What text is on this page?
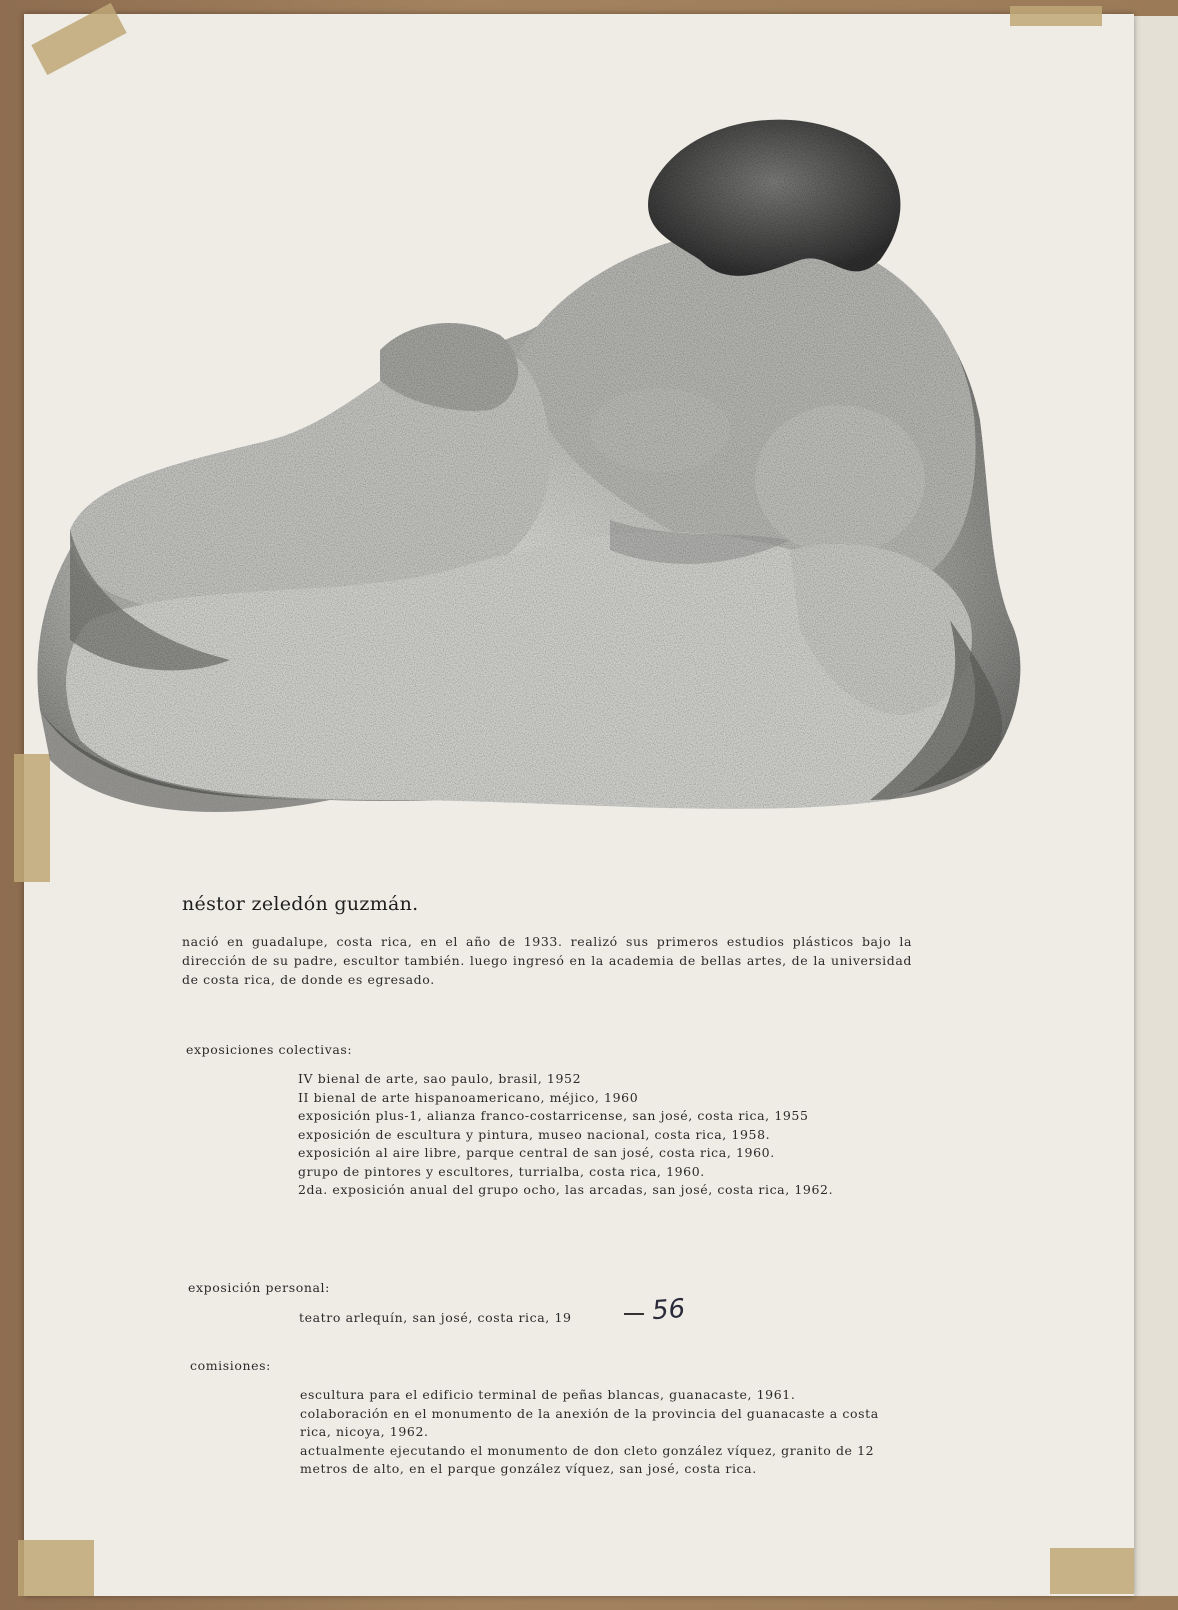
néstor zeledón guzmán.

nació en guadalupe, costa rica, en el año de 1933. realizó sus primeros estudios plásticos bajo la dirección de su padre, escultor también. luego ingresó en la academia de bellas artes, de la universidad de costa rica, de donde es egresado.

exposiciones colectivas:

IV bienal de arte, sao paulo, brasil, 1952
II bienal de arte hispanoamericano, méjico, 1960
exposición plus-1, alianza franco-costarricense, san josé, costa rica, 1955
exposición de escultura y pintura, museo nacional, costa rica, 1958.
exposición al aire libre, parque central de san josé, costa rica, 1960.
grupo de pintores y escultores, turrialba, costa rica, 1960.
2da. exposición anual del grupo ocho, las arcadas, san josé, costa rica, 1962.

exposición personal:

teatro arlequín, san josé, costa rica, 19	56

comisiones:

escultura para el edificio terminal de peñas blancas, guanacaste, 1961.
colaboración en el monumento de la anexión de la provincia del guanacaste a costa rica, nicoya, 1962.
actualmente ejecutando el monumento de don cleto gonzález víquez, granito de 12 metros de alto, en el parque gonzález víquez, san josé, costa rica.
